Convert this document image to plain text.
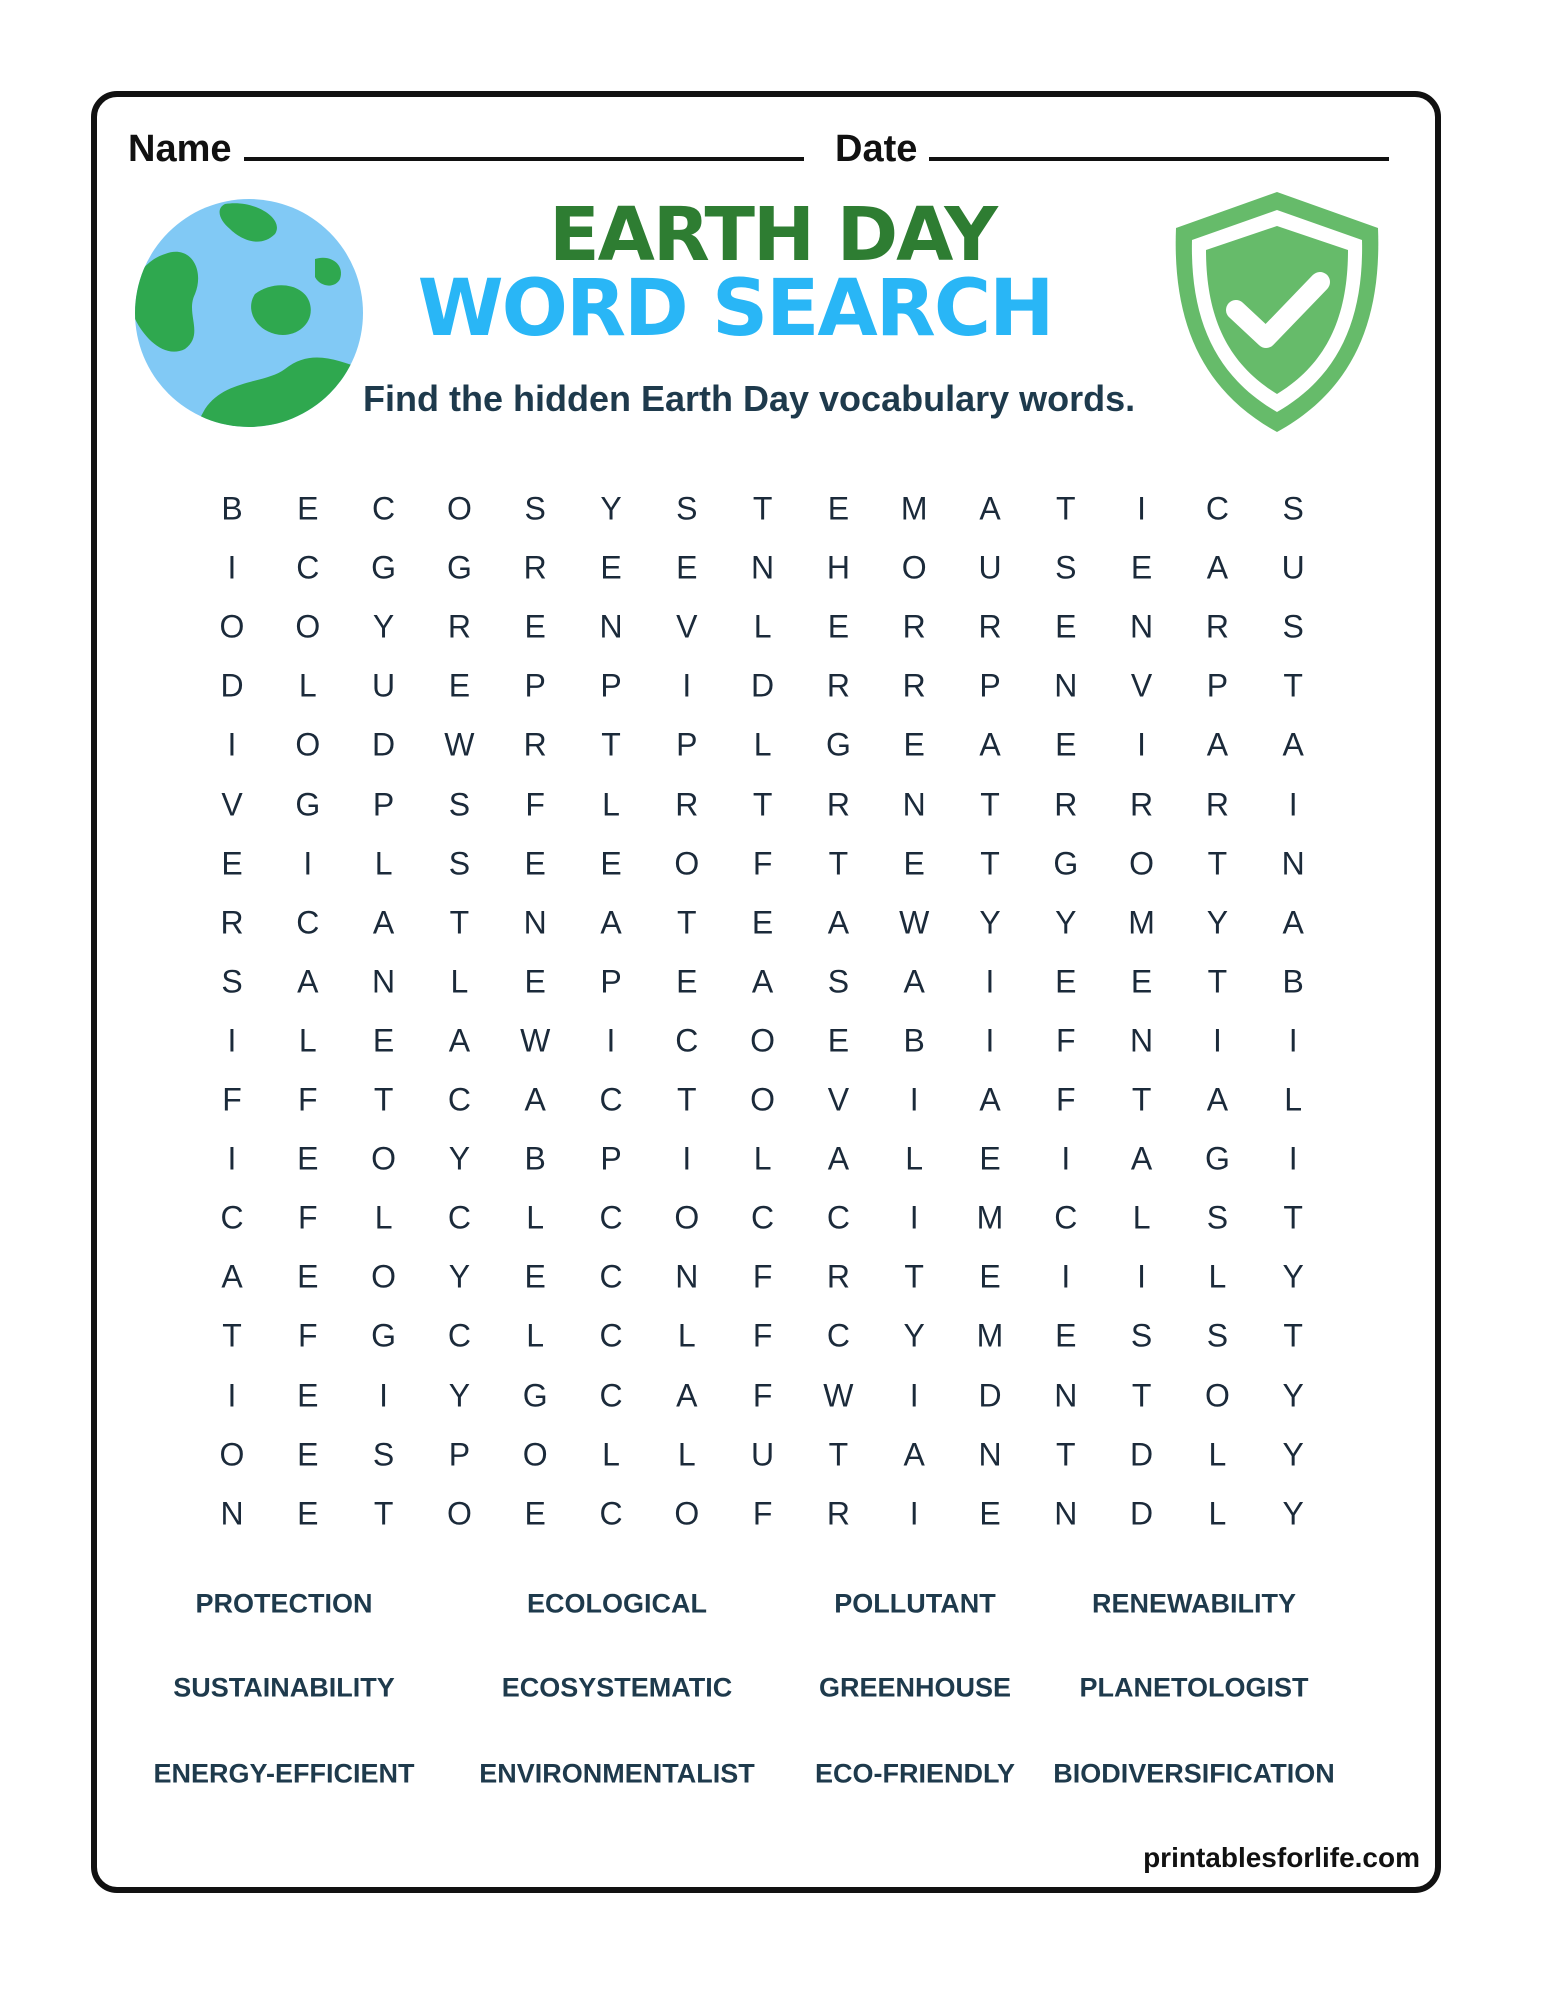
Name	Date
EARTH DAY
WORD SEARCH
Find the hidden Earth Day vocabulary words.
B	E	C	O	S	Y	S	T	E	M	A	T	I	C	S
I	C	G	G	R	E	E	N	H	O	U	S	E	A	U
O	O	Y	R	E	N	V	L	E	R	R	E	N	R	S
D	L	U	E	P	P	I	D	R	R	P	N	V	P	T
I	O	D	W	R	T	P	L	G	E	A	E	I	A	A
V	G	P	S	F	L	R	T	R	N	T	R	R	R	I
E	I	L	S	E	E	O	F	T	E	T	G	O	T	N
R	C	A	T	N	A	T	E	A	W	Y	Y	M	Y	A
S	A	N	L	E	P	E	A	S	A	I	E	E	T	B
I	L	E	A	W	I	C	O	E	B	I	F	N	I	I
F	F	T	C	A	C	T	O	V	I	A	F	T	A	L
I	E	O	Y	B	P	I	L	A	L	E	I	A	G	I
C	F	L	C	L	C	O	C	C	I	M	C	L	S	T
A	E	O	Y	E	C	N	F	R	T	E	I	I	L	Y
T	F	G	C	L	C	L	F	C	Y	M	E	S	S	T
I	E	I	Y	G	C	A	F	W	I	D	N	T	O	Y
O	E	S	P	O	L	L	U	T	A	N	T	D	L	Y
N	E	T	O	E	C	O	F	R	I	E	N	D	L	Y
PROTECTION	ECOLOGICAL	POLLUTANT	RENEWABILITY
SUSTAINABILITY	ECOSYSTEMATIC	GREENHOUSE	PLANETOLOGIST
ENERGY-EFFICIENT ENVIRONMENTALIST ECO-FRIENDLY BIODIVERSIFICATION
printablesforlife.com
